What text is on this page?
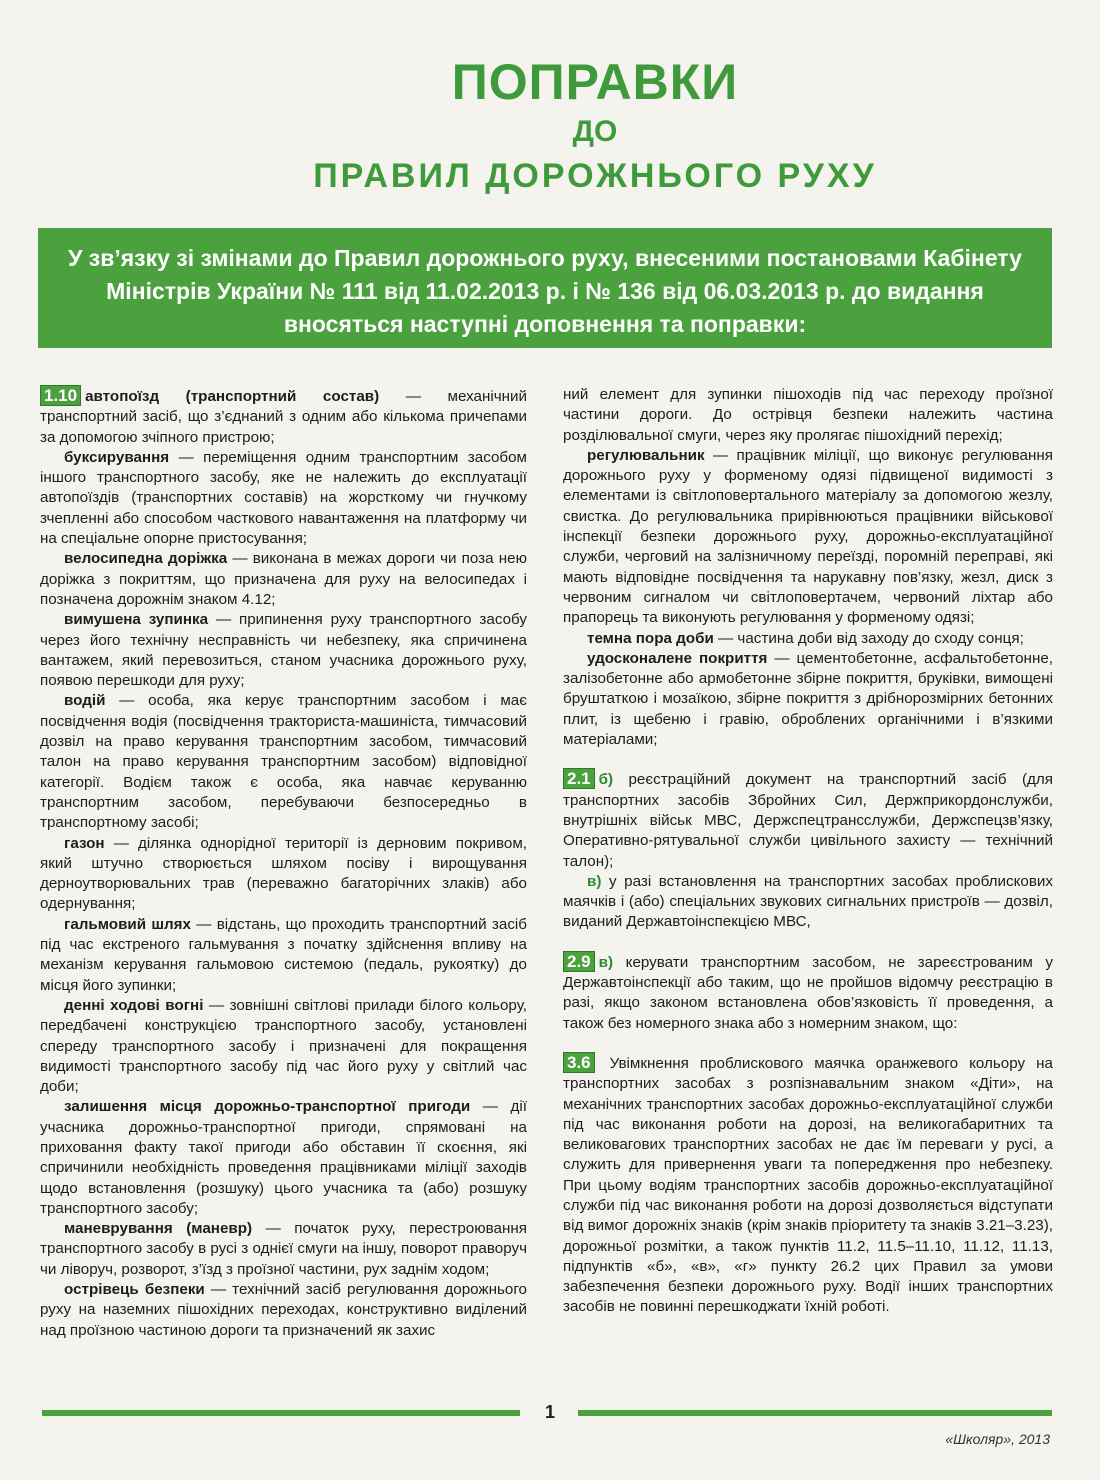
ПОПРАВКИ
ДО
ПРАВИЛ ДОРОЖНЬОГО РУХУ
У зв’язку зі змінами до Правил дорожнього руху, внесеними постановами Кабінету
Міністрів України № 111 від 11.02.2013 р. і № 136 від 06.03.2013 р. до видання
вносяться наступні доповнення та поправки:

1.10 автопоїзд (транспортний состав) — механічний транспортний засіб, що з’єднаний з одним або кількома причепами за допомогою зчіпного пристрою;

буксирування — переміщення одним транспортним засобом іншого транспортного засобу, яке не належить до експлуатації автопоїздів (транспортних составів) на жорсткому чи гнучкому зчепленні або способом часткового навантаження на платформу чи на спеціальне опорне пристосування;

велосипедна доріжка — виконана в межах дороги чи поза нею доріжка з покриттям, що призначена для руху на велосипедах і позначена дорожнім знаком 4.12;

вимушена зупинка — припинення руху транспортного засобу через його технічну несправність чи небезпеку, яка спричинена вантажем, який перевозиться, станом учасника дорожнього руху, появою перешкоди для руху;

водій — особа, яка керує транспортним засобом і має посвідчення водія (посвідчення тракториста-машиніста, тимчасовий дозвіл на право керування транспортним засобом, тимчасовий талон на право керування транспортним засобом) відповідної категорії. Водієм також є особа, яка навчає керуванню транспортним засобом, перебуваючи безпосередньо в транспортному засобі;

газон — ділянка однорідної території із дерновим покривом, який штучно створюється шляхом посіву і вирощування дерноутворювальних трав (переважно багаторічних злаків) або одернування;

гальмовий шлях — відстань, що проходить транспортний засіб під час екстреного гальмування з початку здійснення впливу на механізм керування гальмовою системою (педаль, рукоятку) до місця його зупинки;

денні ходові вогні — зовнішні світлові прилади білого кольору, передбачені конструкцією транспортного засобу, установлені спереду транспортного засобу і призначені для покращення видимості транспортного засобу під час його руху у світлий час доби;

залишення місця дорожньо-транспортної пригоди — дії учасника дорожньо-транспортної пригоди, спрямовані на приховання факту такої пригоди або обставин її скоєння, які спричинили необхідність проведення працівниками міліції заходів щодо встановлення (розшуку) цього учасника та (або) розшуку транспортного засобу;

маневрування (маневр) — початок руху, перестроювання транспортного засобу в русі з однієї смуги на іншу, поворот праворуч чи ліворуч, розворот, з’їзд з проїзної частини, рух заднім ходом;

острівець безпеки — технічний засіб регулювання дорожнього руху на наземних пішохідних переходах, конструктивно виділений над проїзною частиною дороги та призначений як захис

ний елемент для зупинки пішоходів під час переходу проїзної частини дороги. До острівця безпеки належить частина розділювальної смуги, через яку пролягає пішохідний перехід;

регулювальник — працівник міліції, що виконує регулювання дорожнього руху у форменому одязі підвищеної видимості з елементами із світлоповертального матеріалу за допомогою жезлу, свистка. До регулювальника прирівнюються працівники військової інспекції безпеки дорожнього руху, дорожньо-експлуатаційної служби, черговий на залізничному переїзді, поромній переправі, які мають відповідне посвідчення та нарукавну пов’язку, жезл, диск з червоним сигналом чи світлоповертачем, червоний ліхтар або прапорець та виконують регулювання у форменому одязі;

темна пора доби — частина доби від заходу до сходу сонця;

удосконалене покриття — цементобетонне, асфальтобетонне, залізобетонне або армобетонне збірне покриття, бруківки, вимощені бруштаткою і мозаїкою, збірне покриття з дрібнорозмірних бетонних плит, із щебеню і гравію, оброблених органічними і в’язкими матеріалами;

2.1 б) реєстраційний документ на транспортний засіб (для транспортних засобів Збройних Сил, Держприкордонслужби, внутрішніх військ МВС, Держспецтрансслужби, Держспецзв’язку, Оперативно-рятувальної служби цивільного захисту — технічний талон);

в) у разі встановлення на транспортних засобах проблискових маячків і (або) спеціальних звукових сигнальних пристроїв — дозвіл, виданий Державтоінспекцією МВС,

2.9 в) керувати транспортним засобом, не зареєстрованим у Державтоінспекції або таким, що не пройшов відомчу реєстрацію в разі, якщо законом встановлена обов’язковість її проведення, а також без номерного знака або з номерним знаком, що:

3.6 Увімкнення проблискового маячка оранжевого кольору на транспортних засобах з розпізнавальним знаком «Діти», на механічних транспортних засобах дорожньо-експлуатаційної служби під час виконання роботи на дорозі, на великогабаритних та великовагових транспортних засобах не дає їм переваги у русі, а служить для привернення уваги та попередження про небезпеку. При цьому водіям транспортних засобів дорожньо-експлуатаційної служби під час виконання роботи на дорозі дозволяється відступати від вимог дорожніх знаків (крім знаків пріоритету та знаків 3.21–3.23), дорожньої розмітки, а також пунктів 11.2, 11.5–11.10, 11.12, 11.13, підпунктів «б», «в», «г» пункту 26.2 цих Правил за умови забезпечення безпеки дорожнього руху. Водії інших транспортних засобів не повинні перешкоджати їхній роботі.

1
«Школяр», 2013
